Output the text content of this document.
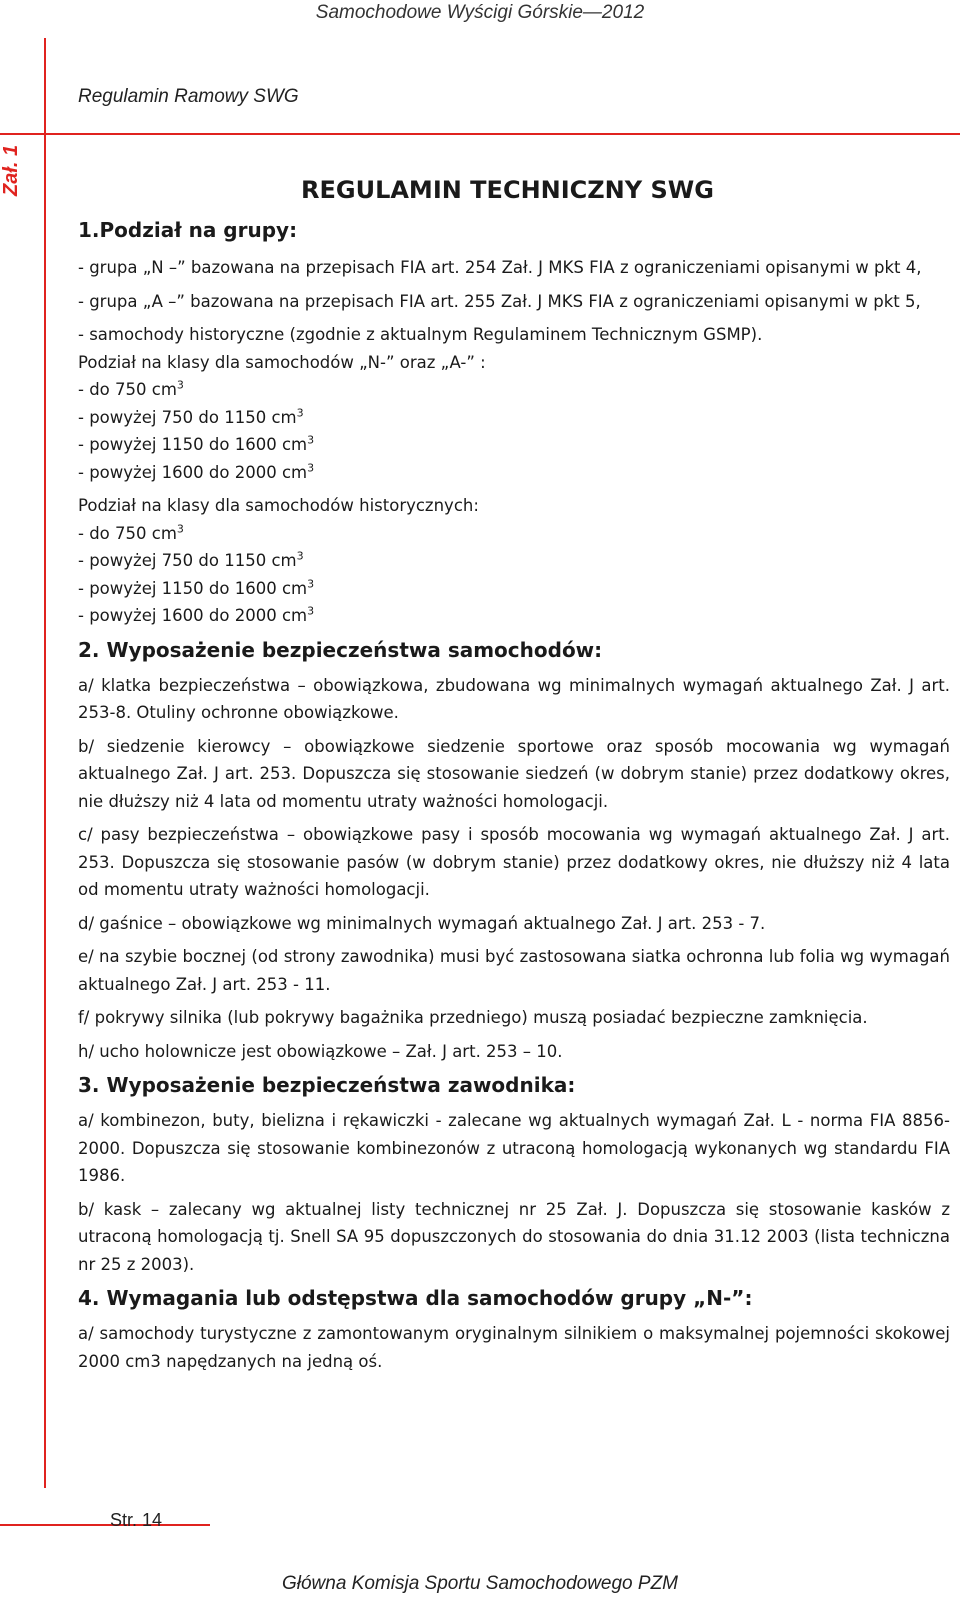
Samochodowe Wyścigi Górskie—2012
Regulamin Ramowy SWG
Zał. 1	REGULAMIN TECHNICZNY SWG
1.Podział na grupy:

- grupa „N –” bazowana na przepisach FIA art. 254 Zał. J MKS FIA z ograniczeniami opisanymi w pkt 4,

- grupa „A –” bazowana na przepisach FIA art. 255 Zał. J MKS FIA z ograniczeniami opisanymi w pkt 5,

- samochody historyczne (zgodnie z aktualnym Regulaminem Technicznym GSMP).

Podział na klasy dla samochodów „N-” oraz „A-” :

- do 750 $cm^3$
- powyżej 750 do 1150 $cm^3$
- powyżej 1150 do 1600 $cm^3$
- powyżej 1600 do 2000 $cm^3$

Podział na klasy dla samochodów historycznych:

- do 750 $cm^3$
- powyżej 750 do 1150 $cm^3$
- powyżej 1150 do 1600 $cm^3$
- powyżej 1600 do 2000 $cm^3$
2. Wyposażenie bezpieczeństwa samochodów:

a/ klatka bezpieczeństwa – obowiązkowa, zbudowana wg minimalnych wymagań aktualnego Zał. J art. 253-8. Otuliny ochronne obowiązkowe.

b/ siedzenie kierowcy – obowiązkowe siedzenie sportowe oraz sposób mocowania wg wymagań aktualnego Zał. J art. 253. Dopuszcza się stosowanie siedzeń (w dobrym stanie) przez dodatkowy okres, nie dłuższy niż 4 lata od momentu utraty ważności homologacji.

c/ pasy bezpieczeństwa – obowiązkowe pasy i sposób mocowania wg wymagań aktualnego Zał. J art. 253. Dopuszcza się stosowanie pasów (w dobrym stanie) przez dodatkowy okres, nie dłuższy niż 4 lata od momentu utraty ważności homologacji.

d/ gaśnice – obowiązkowe wg minimalnych wymagań aktualnego Zał. J art. 253 - 7.

e/ na szybie bocznej (od strony zawodnika) musi być zastosowana siatka ochronna lub folia wg wymagań aktualnego Zał. J art. 253 - 11.

f/ pokrywy silnika (lub pokrywy bagażnika przedniego) muszą posiadać bezpieczne zamknięcia.

h/ ucho holownicze jest obowiązkowe – Zał. J art. 253 – 10.

3. Wyposażenie bezpieczeństwa zawodnika:

a/ kombinezon, buty, bielizna i rękawiczki - zalecane wg aktualnych wymagań Zał. L - norma FIA 8856-2000. Dopuszcza się stosowanie kombinezonów z utraconą homologacją wykonanych wg standardu FIA 1986.

b/ kask – zalecany wg aktualnej listy technicznej nr 25 Zał. J. Dopuszcza się stosowanie kasków z utraconą homologacją tj. Snell SA 95 dopuszczonych do stosowania do dnia 31.12 2003 (lista techniczna nr 25 z 2003).

4. Wymagania lub odstępstwa dla samochodów grupy „N-”:

a/ samochody turystyczne z zamontowanym oryginalnym silnikiem o maksymalnej pojemności skokowej 2000 cm3 napędzanych na jedną oś.

Str. 14
Główna Komisja Sportu Samochodowego PZM
